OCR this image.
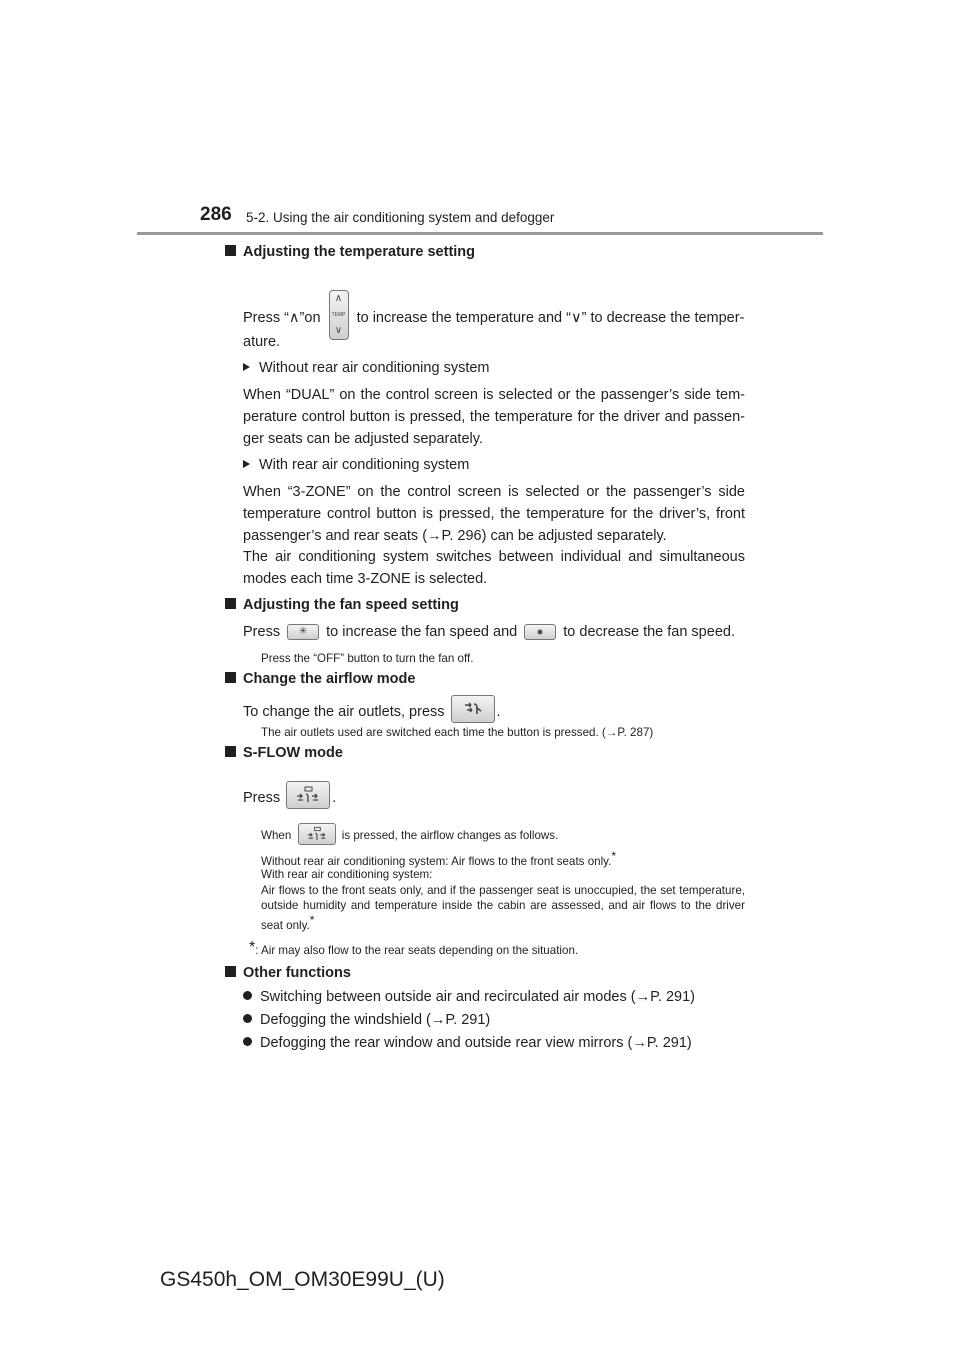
286 5-2. Using the air conditioning system and defogger
Adjusting the temperature setting
Press “∧”on
∧
TEMP
∨
to increase the temperature and “∨” to decrease the temper-
ature.
Without rear air conditioning system
When “DUAL” on the control screen is selected or the passenger’s side tem-perature control button is pressed, the temperature for the driver and passen-ger seats can be adjusted separately.
With rear air conditioning system
When “3-ZONE” on the control screen is selected or the passenger’s side temperature control button is pressed, the temperature for the driver’s, front passenger’s and rear seats (→P. 296) can be adjusted separately.
The air conditioning system switches between individual and simultaneous modes each time 3-ZONE is selected.
Adjusting the fan speed setting
Press ✳ to increase the fan speed and	to decrease the fan speed.
Press the “OFF” button to turn the fan off.
Change the airflow mode
To change the air outlets, press	.
The air outlets used are switched each time the button is pressed. (→P. 287)
S-FLOW mode
Press	.
When	is pressed, the airflow changes as follows.
Without rear air conditioning system: Air flows to the front seats only.*
With rear air conditioning system:
Air flows to the front seats only, and if the passenger seat is unoccupied, the set temperature, outside humidity and temperature inside the cabin are assessed, and air flows to the driver seat only.*
*: Air may also flow to the rear seats depending on the situation.
Other functions
Switching between outside air and recirculated air modes (→P. 291)
Defogging the windshield (→P. 291)
Defogging the rear window and outside rear view mirrors (→P. 291)
GS450h_OM_OM30E99U_(U)
